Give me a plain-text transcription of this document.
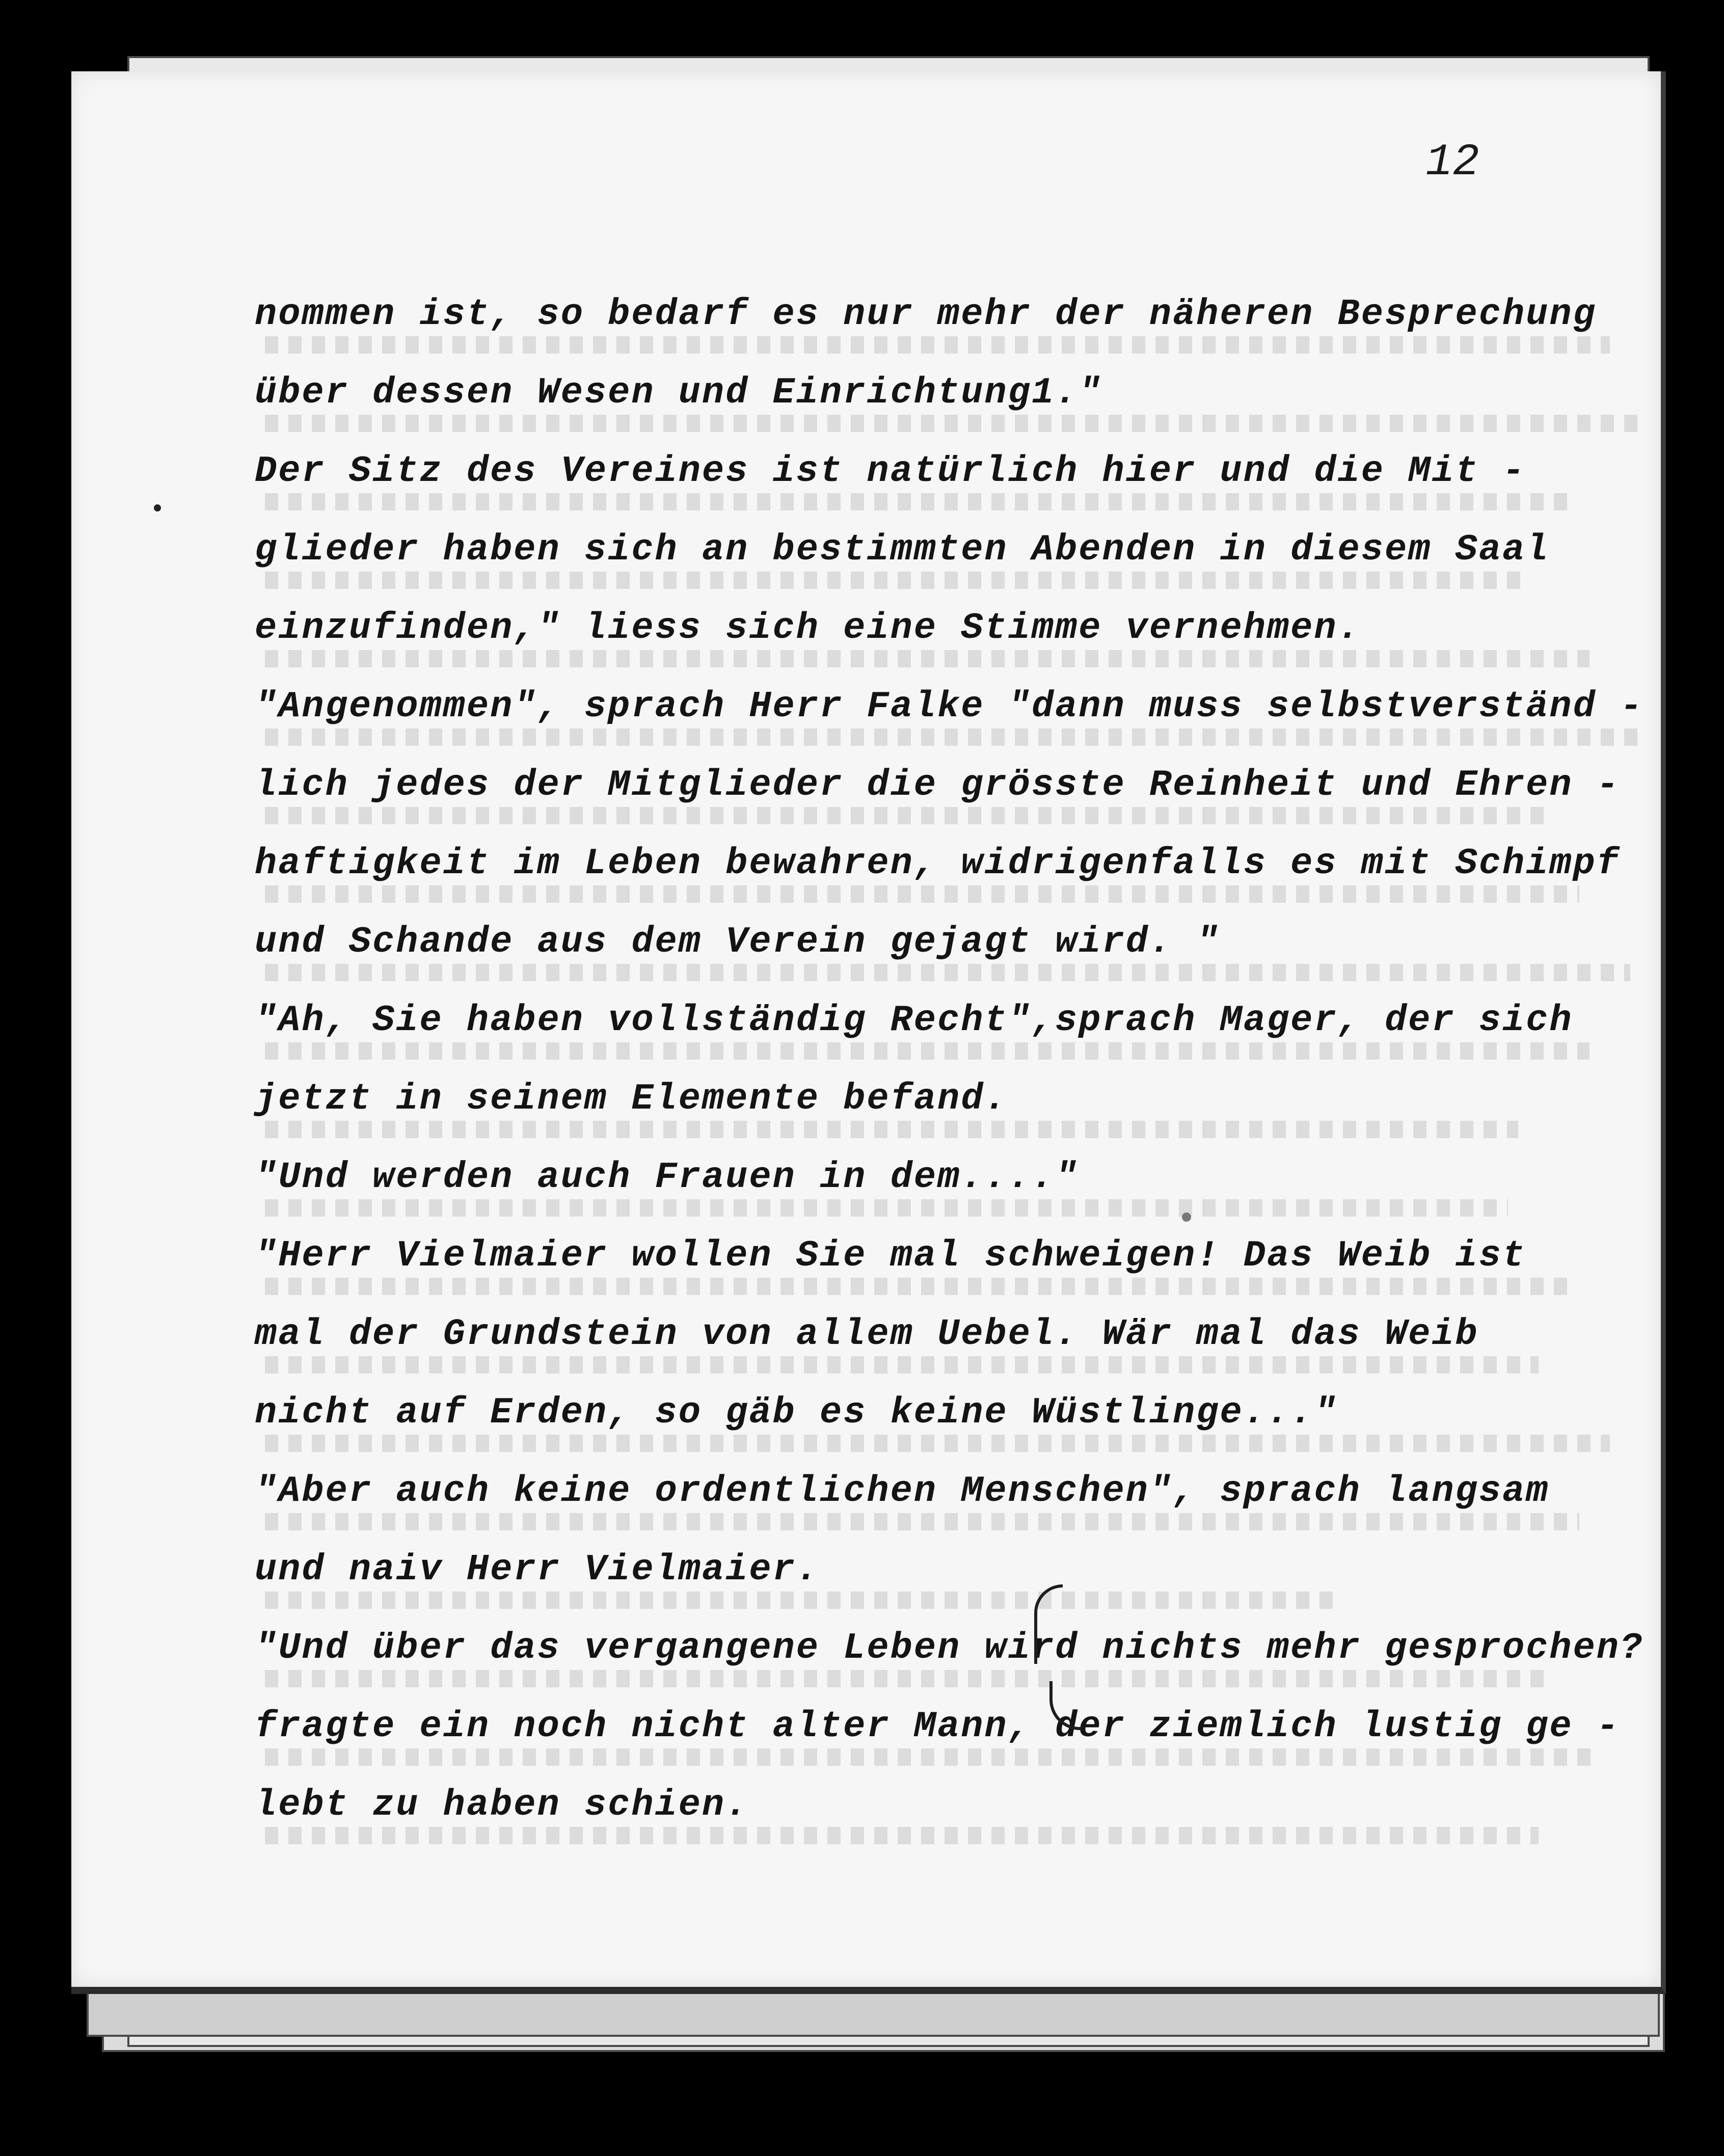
12
nommen ist, so bedarf es nur mehr der näheren Besprechung
über dessen Wesen und Einrichtung1."
Der Sitz des Vereines ist natürlich hier und die Mit -
glieder haben sich an bestimmten Abenden in diesem Saal
einzufinden," liess sich eine Stimme vernehmen.
"Angenommen", sprach Herr Falke "dann muss selbstverständ -
lich jedes der Mitglieder die grösste Reinheit und Ehren -
haftigkeit im Leben bewahren, widrigenfalls es mit Schimpf
und Schande aus dem Verein gejagt wird. "
"Ah, Sie haben vollständig Recht",sprach Mager, der sich
jetzt in seinem Elemente befand.
"Und werden auch Frauen in dem...."
"Herr Vielmaier wollen Sie mal schweigen! Das Weib ist
mal der Grundstein von allem Uebel. Wär mal das Weib
nicht auf Erden, so gäb es keine Wüstlinge..."
"Aber auch keine ordentlichen Menschen", sprach langsam
und naiv Herr Vielmaier.
"Und über das vergangene Leben wird nichts mehr gesprochen?
fragte ein noch nicht alter Mann, der ziemlich lustig ge -
lebt zu haben schien.
